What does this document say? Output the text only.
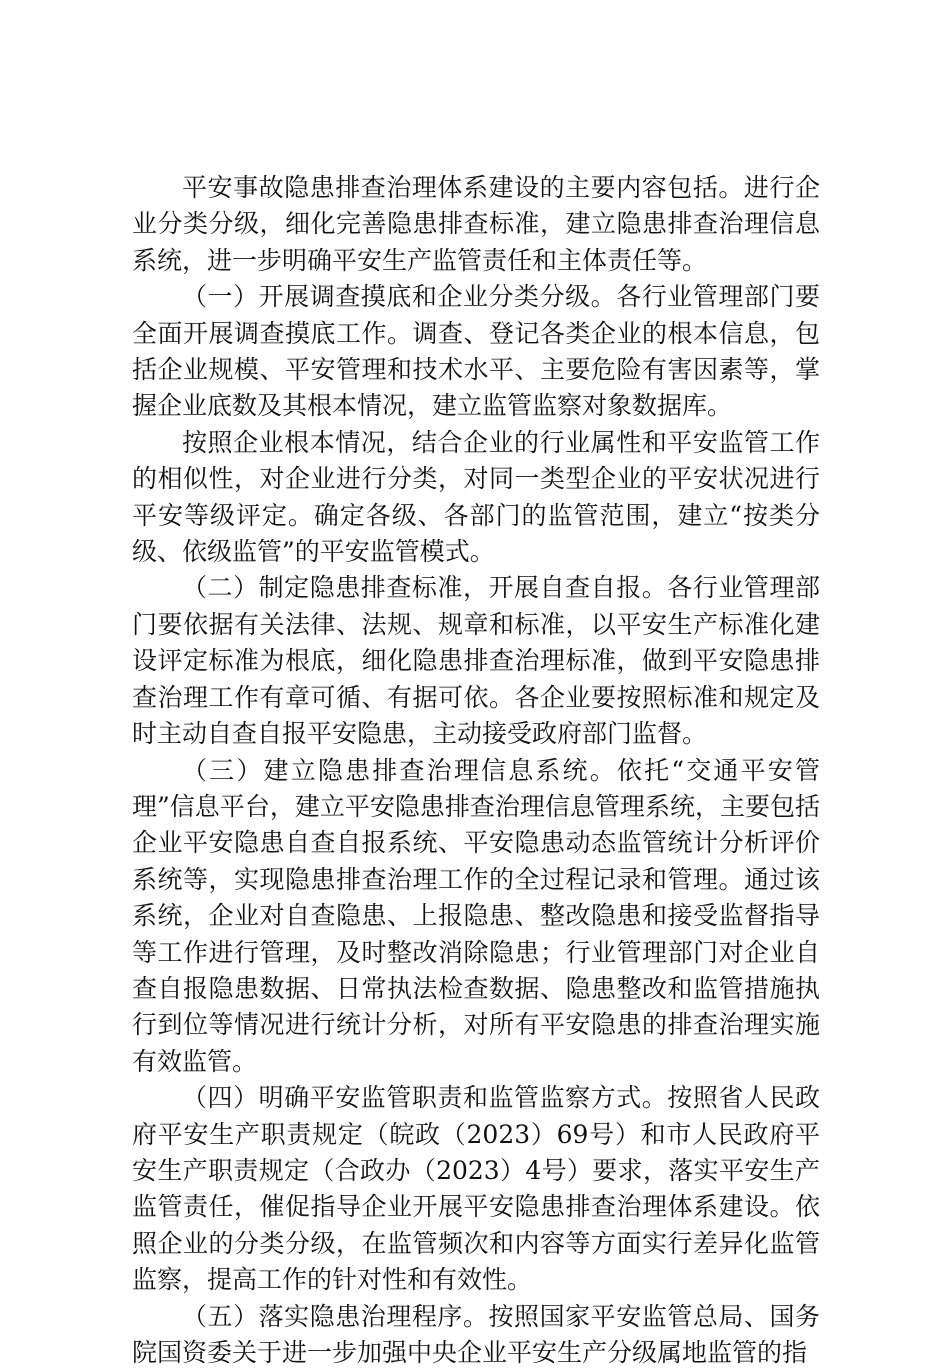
平安事故隐患排查治理体系建设的主要内容包括。进行企业分类分级，细化完善隐患排查标准，建立隐患排查治理信息系统，进一步明确平安生产监管责任和主体责任等。

（一）开展调查摸底和企业分类分级。各行业管理部门要全面开展调查摸底工作。调查、登记各类企业的根本信息，包括企业规模、平安管理和技术水平、主要危险有害因素等，掌握企业底数及其根本情况，建立监管监察对象数据库。

按照企业根本情况，结合企业的行业属性和平安监管工作的相似性，对企业进行分类，对同一类型企业的平安状况进行平安等级评定。确定各级、各部门的监管范围，建立“按类分级、依级监管”的平安监管模式。

（二）制定隐患排查标准，开展自查自报。各行业管理部门要依据有关法律、法规、规章和标准，以平安生产标准化建设评定标准为根底，细化隐患排查治理标准，做到平安隐患排查治理工作有章可循、有据可依。各企业要按照标准和规定及时主动自查自报平安隐患，主动接受政府部门监督。

（三）建立隐患排查治理信息系统。依托“交通平安管理”信息平台，建立平安隐患排查治理信息管理系统，主要包括企业平安隐患自查自报系统、平安隐患动态监管统计分析评价系统等，实现隐患排查治理工作的全过程记录和管理。通过该系统，企业对自查隐患、上报隐患、整改隐患和接受监督指导等工作进行管理，及时整改消除隐患；行业管理部门对企业自查自报隐患数据、日常执法检查数据、隐患整改和监管措施执行到位等情况进行统计分析，对所有平安隐患的排查治理实施有效监管。

（四）明确平安监管职责和监管监察方式。按照省人民政府平安生产职责规定（皖政（2023）69号）和市人民政府平安生产职责规定（合政办（2023）4号）要求，落实平安生产监管责任，催促指导企业开展平安隐患排查治理体系建设。依照企业的分类分级，在监管频次和内容等方面实行差异化监管监察，提高工作的针对性和有效性。

（五）落实隐患治理程序。按照国家平安监管总局、国务院国资委关于进一步加强中央企业平安生产分级属地监管的指
